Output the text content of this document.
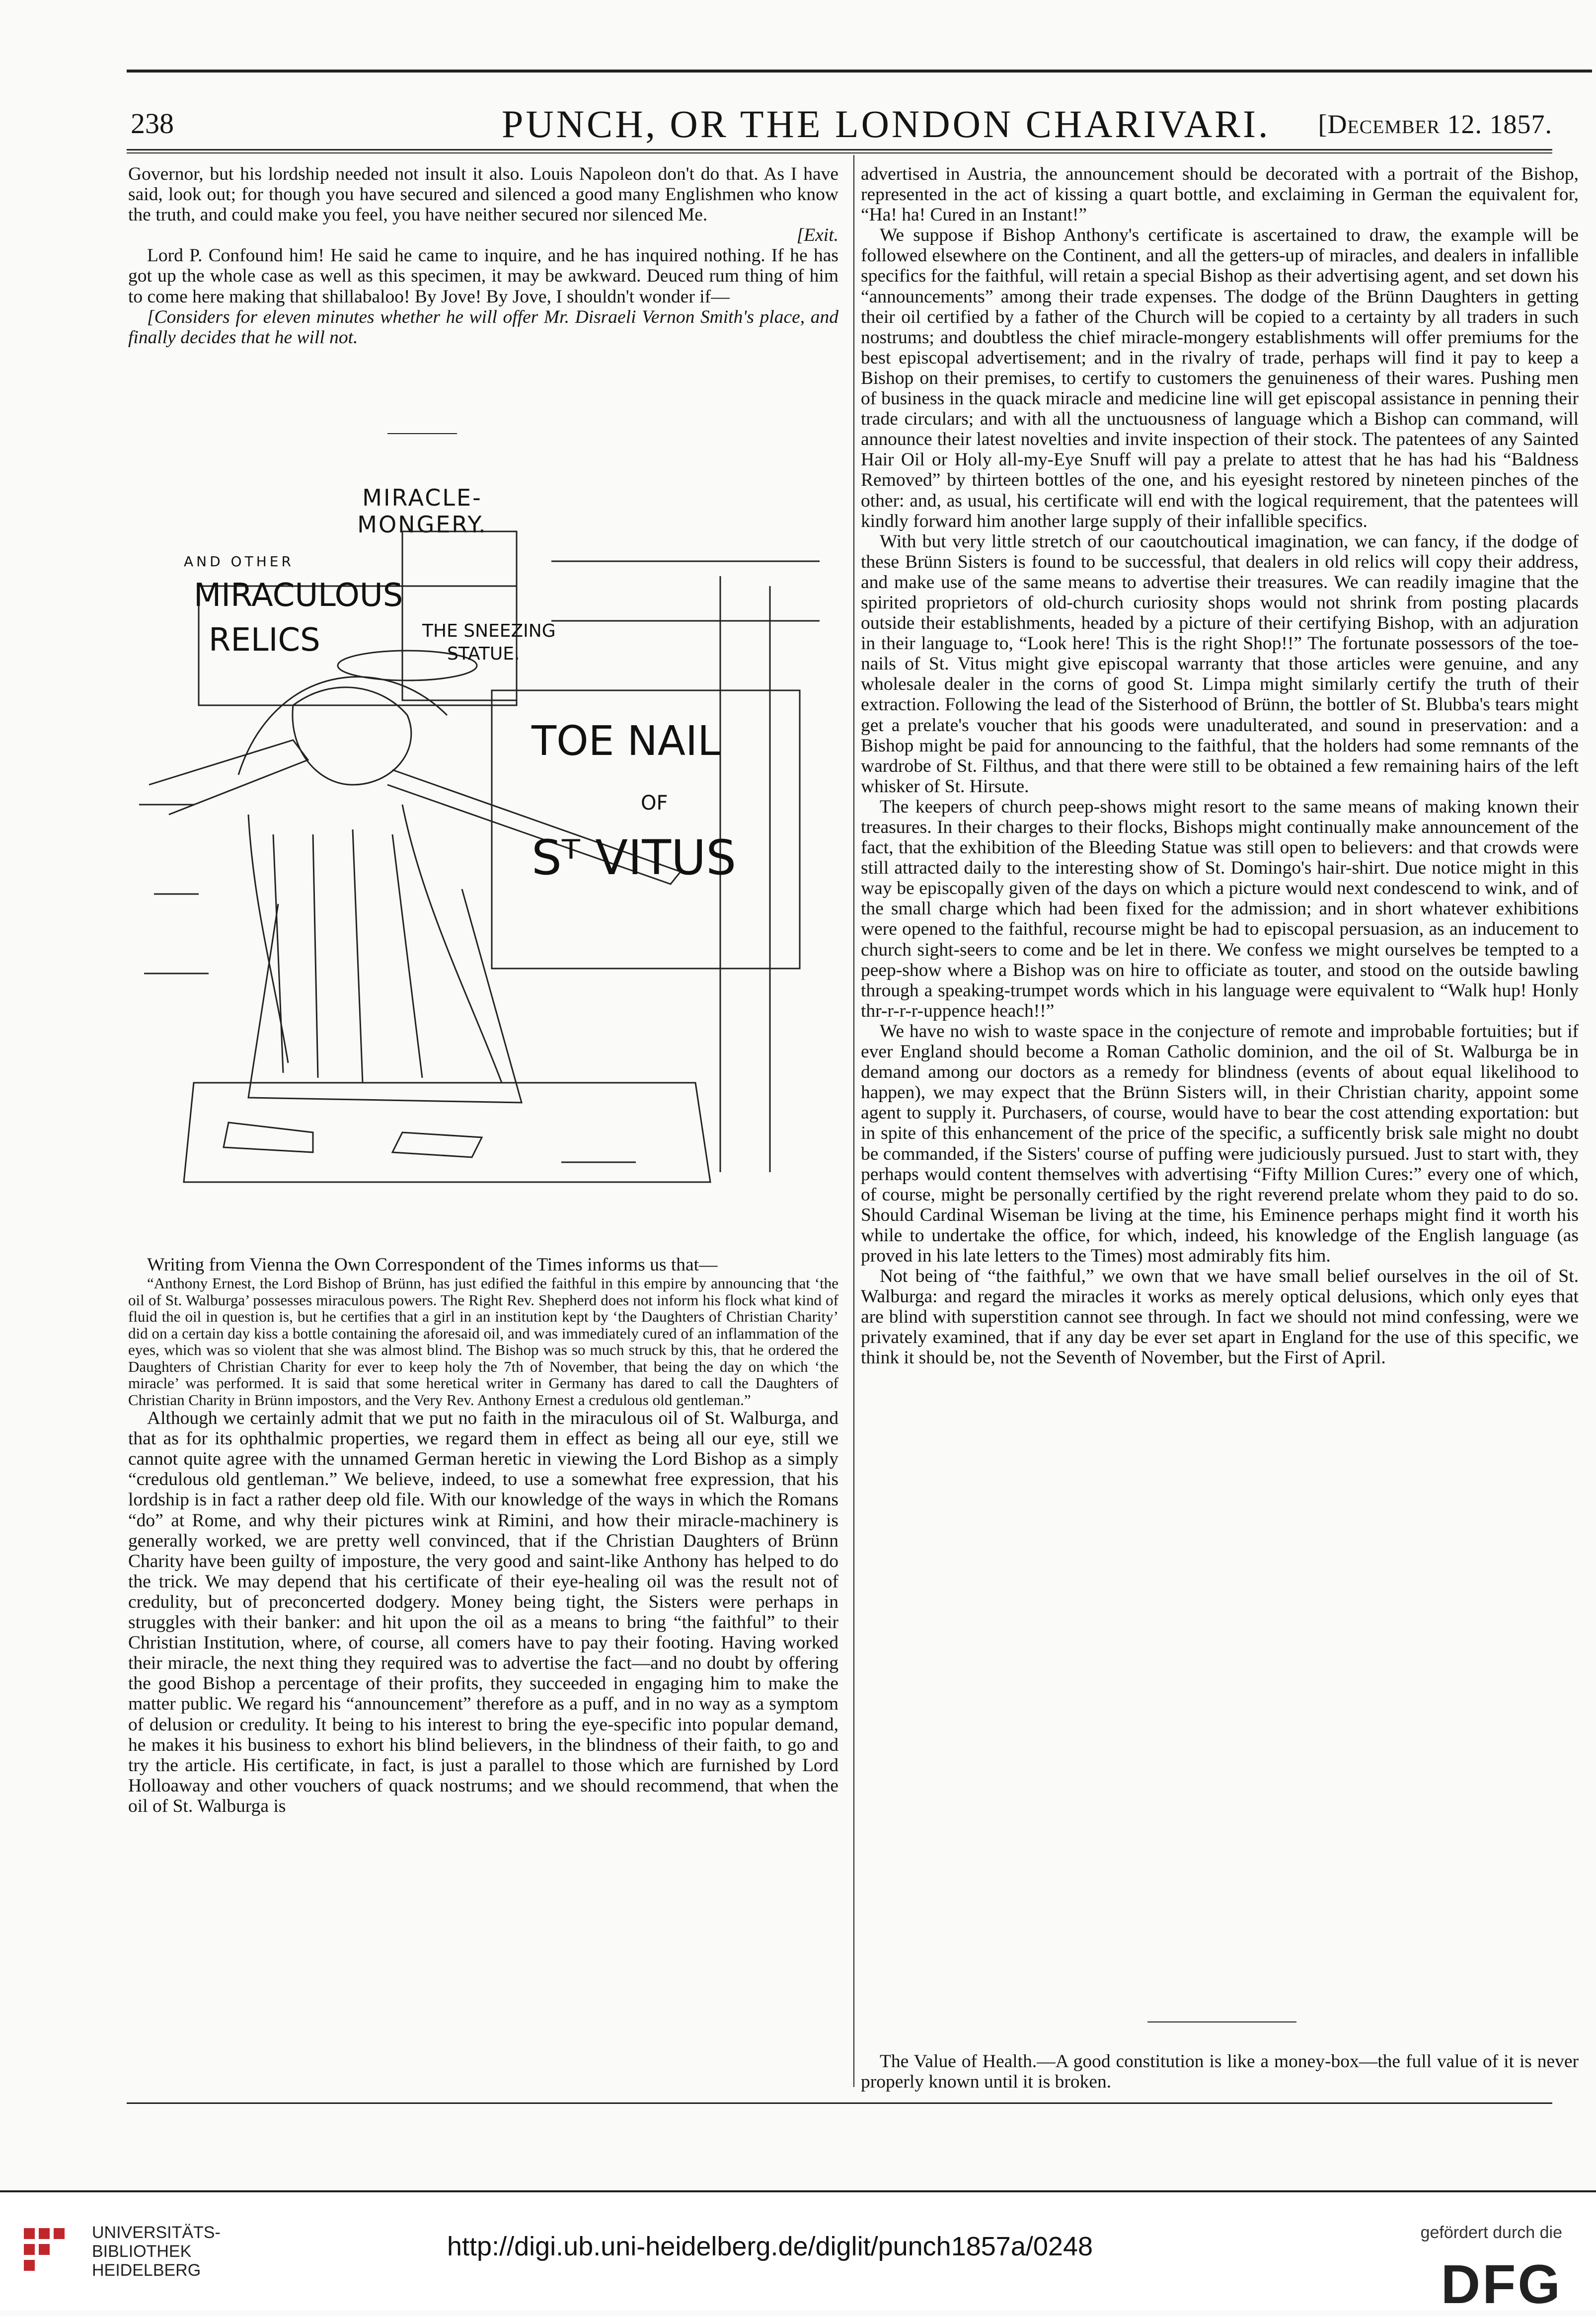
238	PUNCH, OR THE LONDON CHARIVARI. [December 12. 1857.

Governor, but his lordship needed not insult it also. Louis Napoleon don't do that. As I have said, look out; for though you have secured and silenced a good many Englishmen who know the truth, and could make you feel, you have neither secured nor silenced Me.

[Exit.

Lord P. Confound him! He said he came to inquire, and he has inquired nothing. If he has got up the whole case as well as this specimen, it may be awkward. Deuced rum thing of him to come here making that shillabaloo! By Jove! By Jove, I shouldn't wonder if—

[Considers for eleven minutes whether he will offer Mr. Disraeli Vernon Smith's place, and finally decides that he will not.

MIRACLE-MONGERY.
AND OTHER
MIRACULOUS
RELICS	THE SNEEZING
STATUE.
TOE NAIL
OF
Sᵀ VITUS

Writing from Vienna the Own Correspondent of the Times informs us that—

“Anthony Ernest, the Lord Bishop of Brünn, has just edified the faithful in this empire by announcing that ‘the oil of St. Walburga’ possesses miraculous powers. The Right Rev. Shepherd does not inform his flock what kind of fluid the oil in question is, but he certifies that a girl in an institution kept by ‘the Daughters of Christian Charity’ did on a certain day kiss a bottle containing the aforesaid oil, and was immediately cured of an inflammation of the eyes, which was so violent that she was almost blind. The Bishop was so much struck by this, that he ordered the Daughters of Christian Charity for ever to keep holy the 7th of November, that being the day on which ‘the miracle’ was performed. It is said that some heretical writer in Germany has dared to call the Daughters of Christian Charity in Brünn impostors, and the Very Rev. Anthony Ernest a credulous old gentleman.”

Although we certainly admit that we put no faith in the miraculous oil of St. Walburga, and that as for its ophthalmic properties, we regard them in effect as being all our eye, still we cannot quite agree with the unnamed German heretic in viewing the Lord Bishop as a simply “credulous old gentleman.” We believe, indeed, to use a somewhat free expression, that his lordship is in fact a rather deep old file. With our knowledge of the ways in which the Romans “do” at Rome, and why their pictures wink at Rimini, and how their miracle-machinery is generally worked, we are pretty well convinced, that if the Christian Daughters of Brünn Charity have been guilty of imposture, the very good and saint-like Anthony has helped to do the trick. We may depend that his certificate of their eye-healing oil was the result not of credulity, but of preconcerted dodgery. Money being tight, the Sisters were perhaps in struggles with their banker: and hit upon the oil as a means to bring “the faithful” to their Christian Institution, where, of course, all comers have to pay their footing. Having worked their miracle, the next thing they required was to advertise the fact—and no doubt by offering the good Bishop a percentage of their profits, they succeeded in engaging him to make the matter public. We regard his “announcement” therefore as a puff, and in no way as a symptom of delusion or credulity. It being to his interest to bring the eye-specific into popular demand, he makes it his business to exhort his blind believers, in the blindness of their faith, to go and try the article. His certificate, in fact, is just a parallel to those which are furnished by Lord Holloaway and other vouchers of quack nostrums; and we should recommend, that when the oil of St. Walburga is

advertised in Austria, the announcement should be decorated with a portrait of the Bishop, represented in the act of kissing a quart bottle, and exclaiming in German the equivalent for, “Ha! ha! Cured in an Instant!”

We suppose if Bishop Anthony's certificate is ascertained to draw, the example will be followed elsewhere on the Continent, and all the getters-up of miracles, and dealers in infallible specifics for the faithful, will retain a special Bishop as their advertising agent, and set down his “announcements” among their trade expenses. The dodge of the Brünn Daughters in getting their oil certified by a father of the Church will be copied to a certainty by all traders in such nostrums; and doubtless the chief miracle-mongery establishments will offer premiums for the best episcopal advertisement; and in the rivalry of trade, perhaps will find it pay to keep a Bishop on their premises, to certify to customers the genuineness of their wares. Pushing men of business in the quack miracle and medicine line will get episcopal assistance in penning their trade circulars; and with all the unctuousness of language which a Bishop can command, will announce their latest novelties and invite inspection of their stock. The patentees of any Sainted Hair Oil or Holy all-my-Eye Snuff will pay a prelate to attest that he has had his “Baldness Removed” by thirteen bottles of the one, and his eyesight restored by nineteen pinches of the other: and, as usual, his certificate will end with the logical requirement, that the patentees will kindly forward him another large supply of their infallible specifics.

With but very little stretch of our caoutchoutical imagination, we can fancy, if the dodge of these Brünn Sisters is found to be successful, that dealers in old relics will copy their address, and make use of the same means to advertise their treasures. We can readily imagine that the spirited proprietors of old-church curiosity shops would not shrink from posting placards outside their establishments, headed by a picture of their certifying Bishop, with an adjuration in their language to, “Look here! This is the right Shop!!” The fortunate possessors of the toe-nails of St. Vitus might give episcopal warranty that those articles were genuine, and any wholesale dealer in the corns of good St. Limpa might similarly certify the truth of their extraction. Following the lead of the Sisterhood of Brünn, the bottler of St. Blubba's tears might get a prelate's voucher that his goods were unadulterated, and sound in preservation: and a Bishop might be paid for announcing to the faithful, that the holders had some remnants of the wardrobe of St. Filthus, and that there were still to be obtained a few remaining hairs of the left whisker of St. Hirsute.

The keepers of church peep-shows might resort to the same means of making known their treasures. In their charges to their flocks, Bishops might continually make announcement of the fact, that the exhibition of the Bleeding Statue was still open to believers: and that crowds were still attracted daily to the interesting show of St. Domingo's hair-shirt. Due notice might in this way be episcopally given of the days on which a picture would next condescend to wink, and of the small charge which had been fixed for the admission; and in short whatever exhibitions were opened to the faithful, recourse might be had to episcopal persuasion, as an inducement to church sight-seers to come and be let in there. We confess we might ourselves be tempted to a peep-show where a Bishop was on hire to officiate as touter, and stood on the outside bawling through a speaking-trumpet words which in his language were equivalent to “Walk hup! Honly thr-r-r-r-uppence heach!!”

We have no wish to waste space in the conjecture of remote and improbable fortuities; but if ever England should become a Roman Catholic dominion, and the oil of St. Walburga be in demand among our doctors as a remedy for blindness (events of about equal likelihood to happen), we may expect that the Brünn Sisters will, in their Christian charity, appoint some agent to supply it. Purchasers, of course, would have to bear the cost attending exportation: but in spite of this enhancement of the price of the specific, a sufficently brisk sale might no doubt be commanded, if the Sisters' course of puffing were judiciously pursued. Just to start with, they perhaps would content themselves with advertising “Fifty Million Cures:” every one of which, of course, might be personally certified by the right reverend prelate whom they paid to do so. Should Cardinal Wiseman be living at the time, his Eminence perhaps might find it worth his while to undertake the office, for which, indeed, his knowledge of the English language (as proved in his late letters to the Times) most admirably fits him.

Not being of “the faithful,” we own that we have small belief ourselves in the oil of St. Walburga: and regard the miracles it works as merely optical delusions, which only eyes that are blind with superstition cannot see through. In fact we should not mind confessing, were we privately examined, that if any day be ever set apart in England for the use of this specific, we think it should be, not the Seventh of November, but the First of April.

The Value of Health.—A good constitution is like a money-box—the full value of it is never properly known until it is broken.

UNIVERSITÄTS-
BIBLIOTHEK
HEIDELBERG
http://digi.ub.uni-heidelberg.de/diglit/punch1857a/0248	gefördert durch die
DFG
